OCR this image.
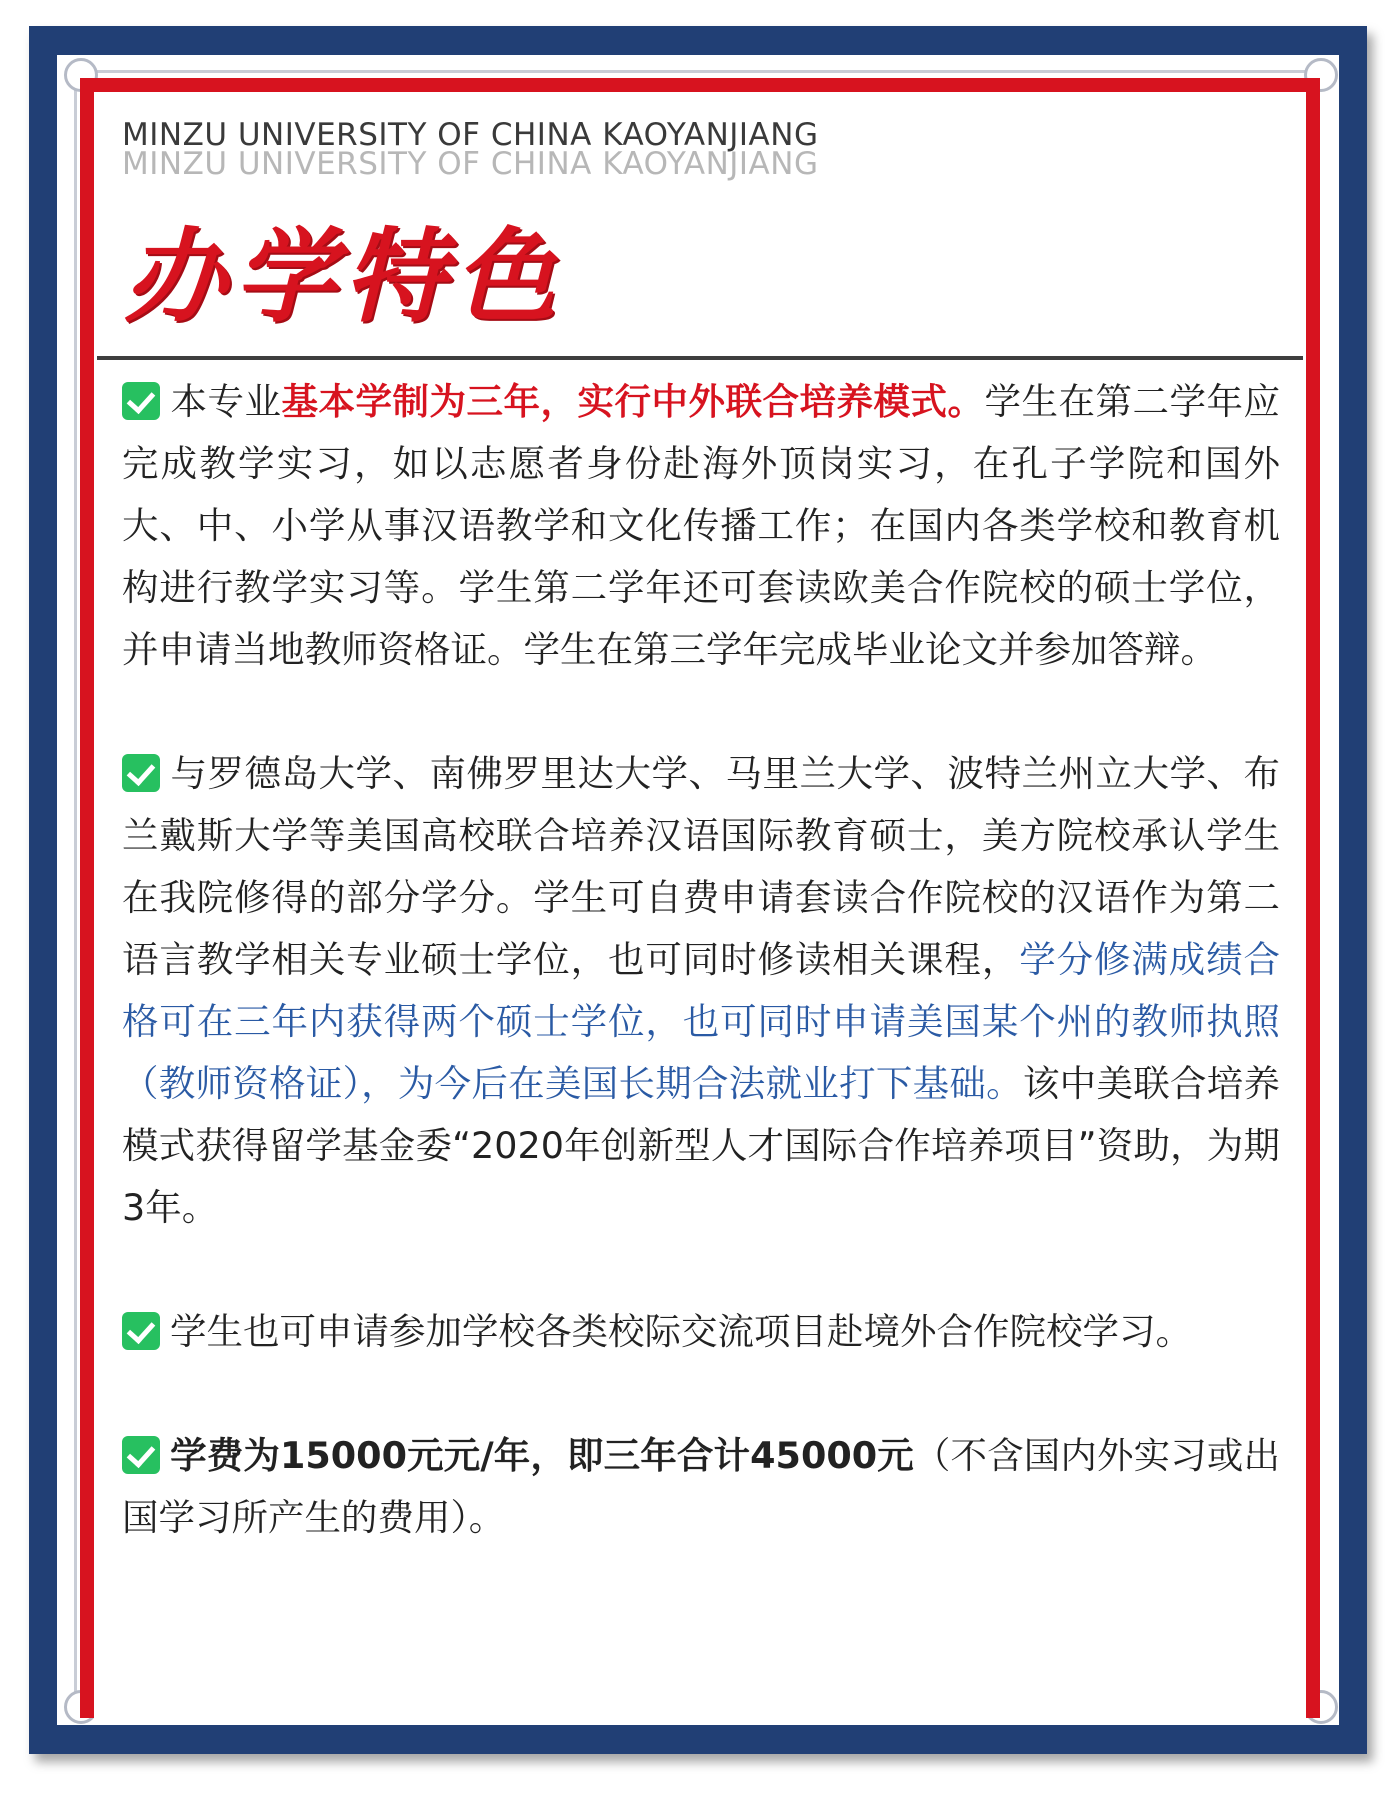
MINZU UNIVERSITY OF CHINA KAOYANJIANG
MINZU UNIVERSITY OF CHINA KAOYANJIANG
办学特色

本专业基本学制为三年，实行中外联合培养模式。学生在第二学年应完成教学实习，如以志愿者身份赴海外顶岗实习，在孔子学院和国外大、中、小学从事汉语教学和文化传播工作；在国内各类学校和教育机构进行教学实习等。学生第二学年还可套读欧美合作院校的硕士学位，并申请当地教师资格证。学生在第三学年完成毕业论文并参加答辩。

与罗德岛大学、南佛罗里达大学、马里兰大学、波特兰州立大学、布兰戴斯大学等美国高校联合培养汉语国际教育硕士，美方院校承认学生在我院修得的部分学分。学生可自费申请套读合作院校的汉语作为第二语言教学相关专业硕士学位，也可同时修读相关课程，学分修满成绩合格可在三年内获得两个硕士学位，也可同时申请美国某个州的教师执照（教师资格证），为今后在美国长期合法就业打下基础。该中美联合培养模式获得留学基金委“2020年创新型人才国际合作培养项目”资助，为期3年。

学生也可申请参加学校各类校际交流项目赴境外合作院校学习。

学费为15000元元/年，即三年合计45000元（不含国内外实习或出国学习所产生的费用）。
